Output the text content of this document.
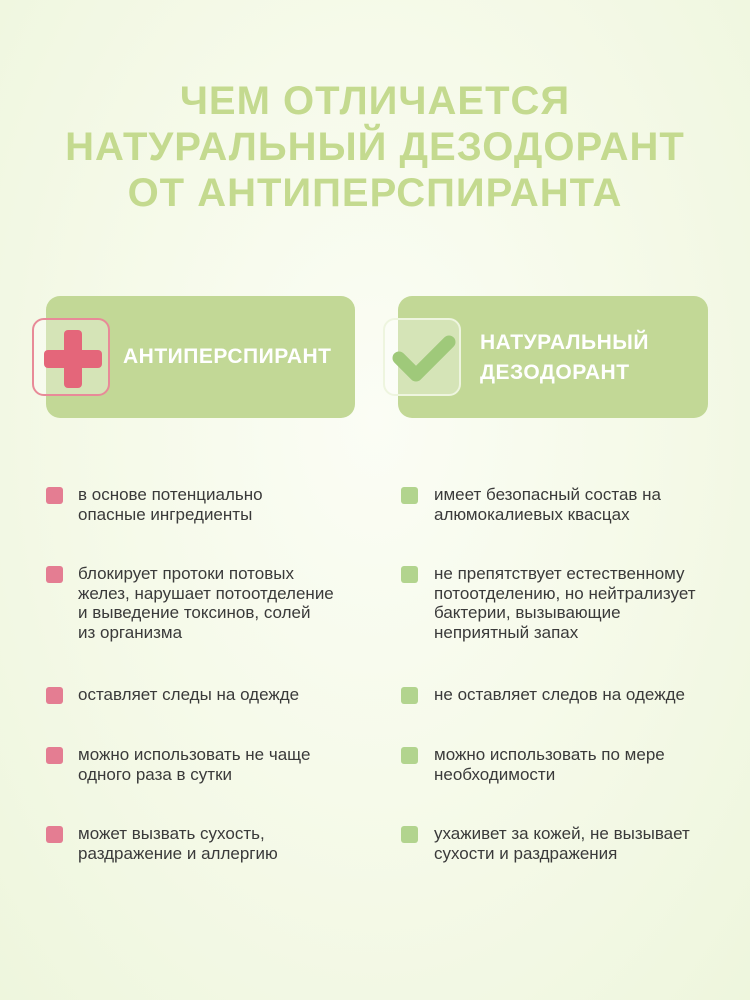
ЧЕМ ОТЛИЧАЕТСЯ
НАТУРАЛЬНЫЙ ДЕЗОДОРАНТ
ОТ АНТИПЕРСПИРАНТА

АНТИПЕРСПИРАНТ

НАТУРАЛЬНЫЙ
ДЕЗОДОРАНТ

в основе потенциально
опасные ингредиенты
блокирует протоки потовых
желез, нарушает потоотделение
и выведение токсинов, солей
из организма
оставляет следы на одежде
можно использовать не чаще
одного раза в сутки
может вызвать сухость,
раздражение и аллергию
имеет безопасный состав на
алюмокалиевых квасцах
не препятствует естественному
потоотделению, но нейтрализует
бактерии, вызывающие
неприятный запах
не оставляет следов на одежде
можно использовать по мере
необходимости
ухаживет за кожей, не вызывает
сухости и раздражения
